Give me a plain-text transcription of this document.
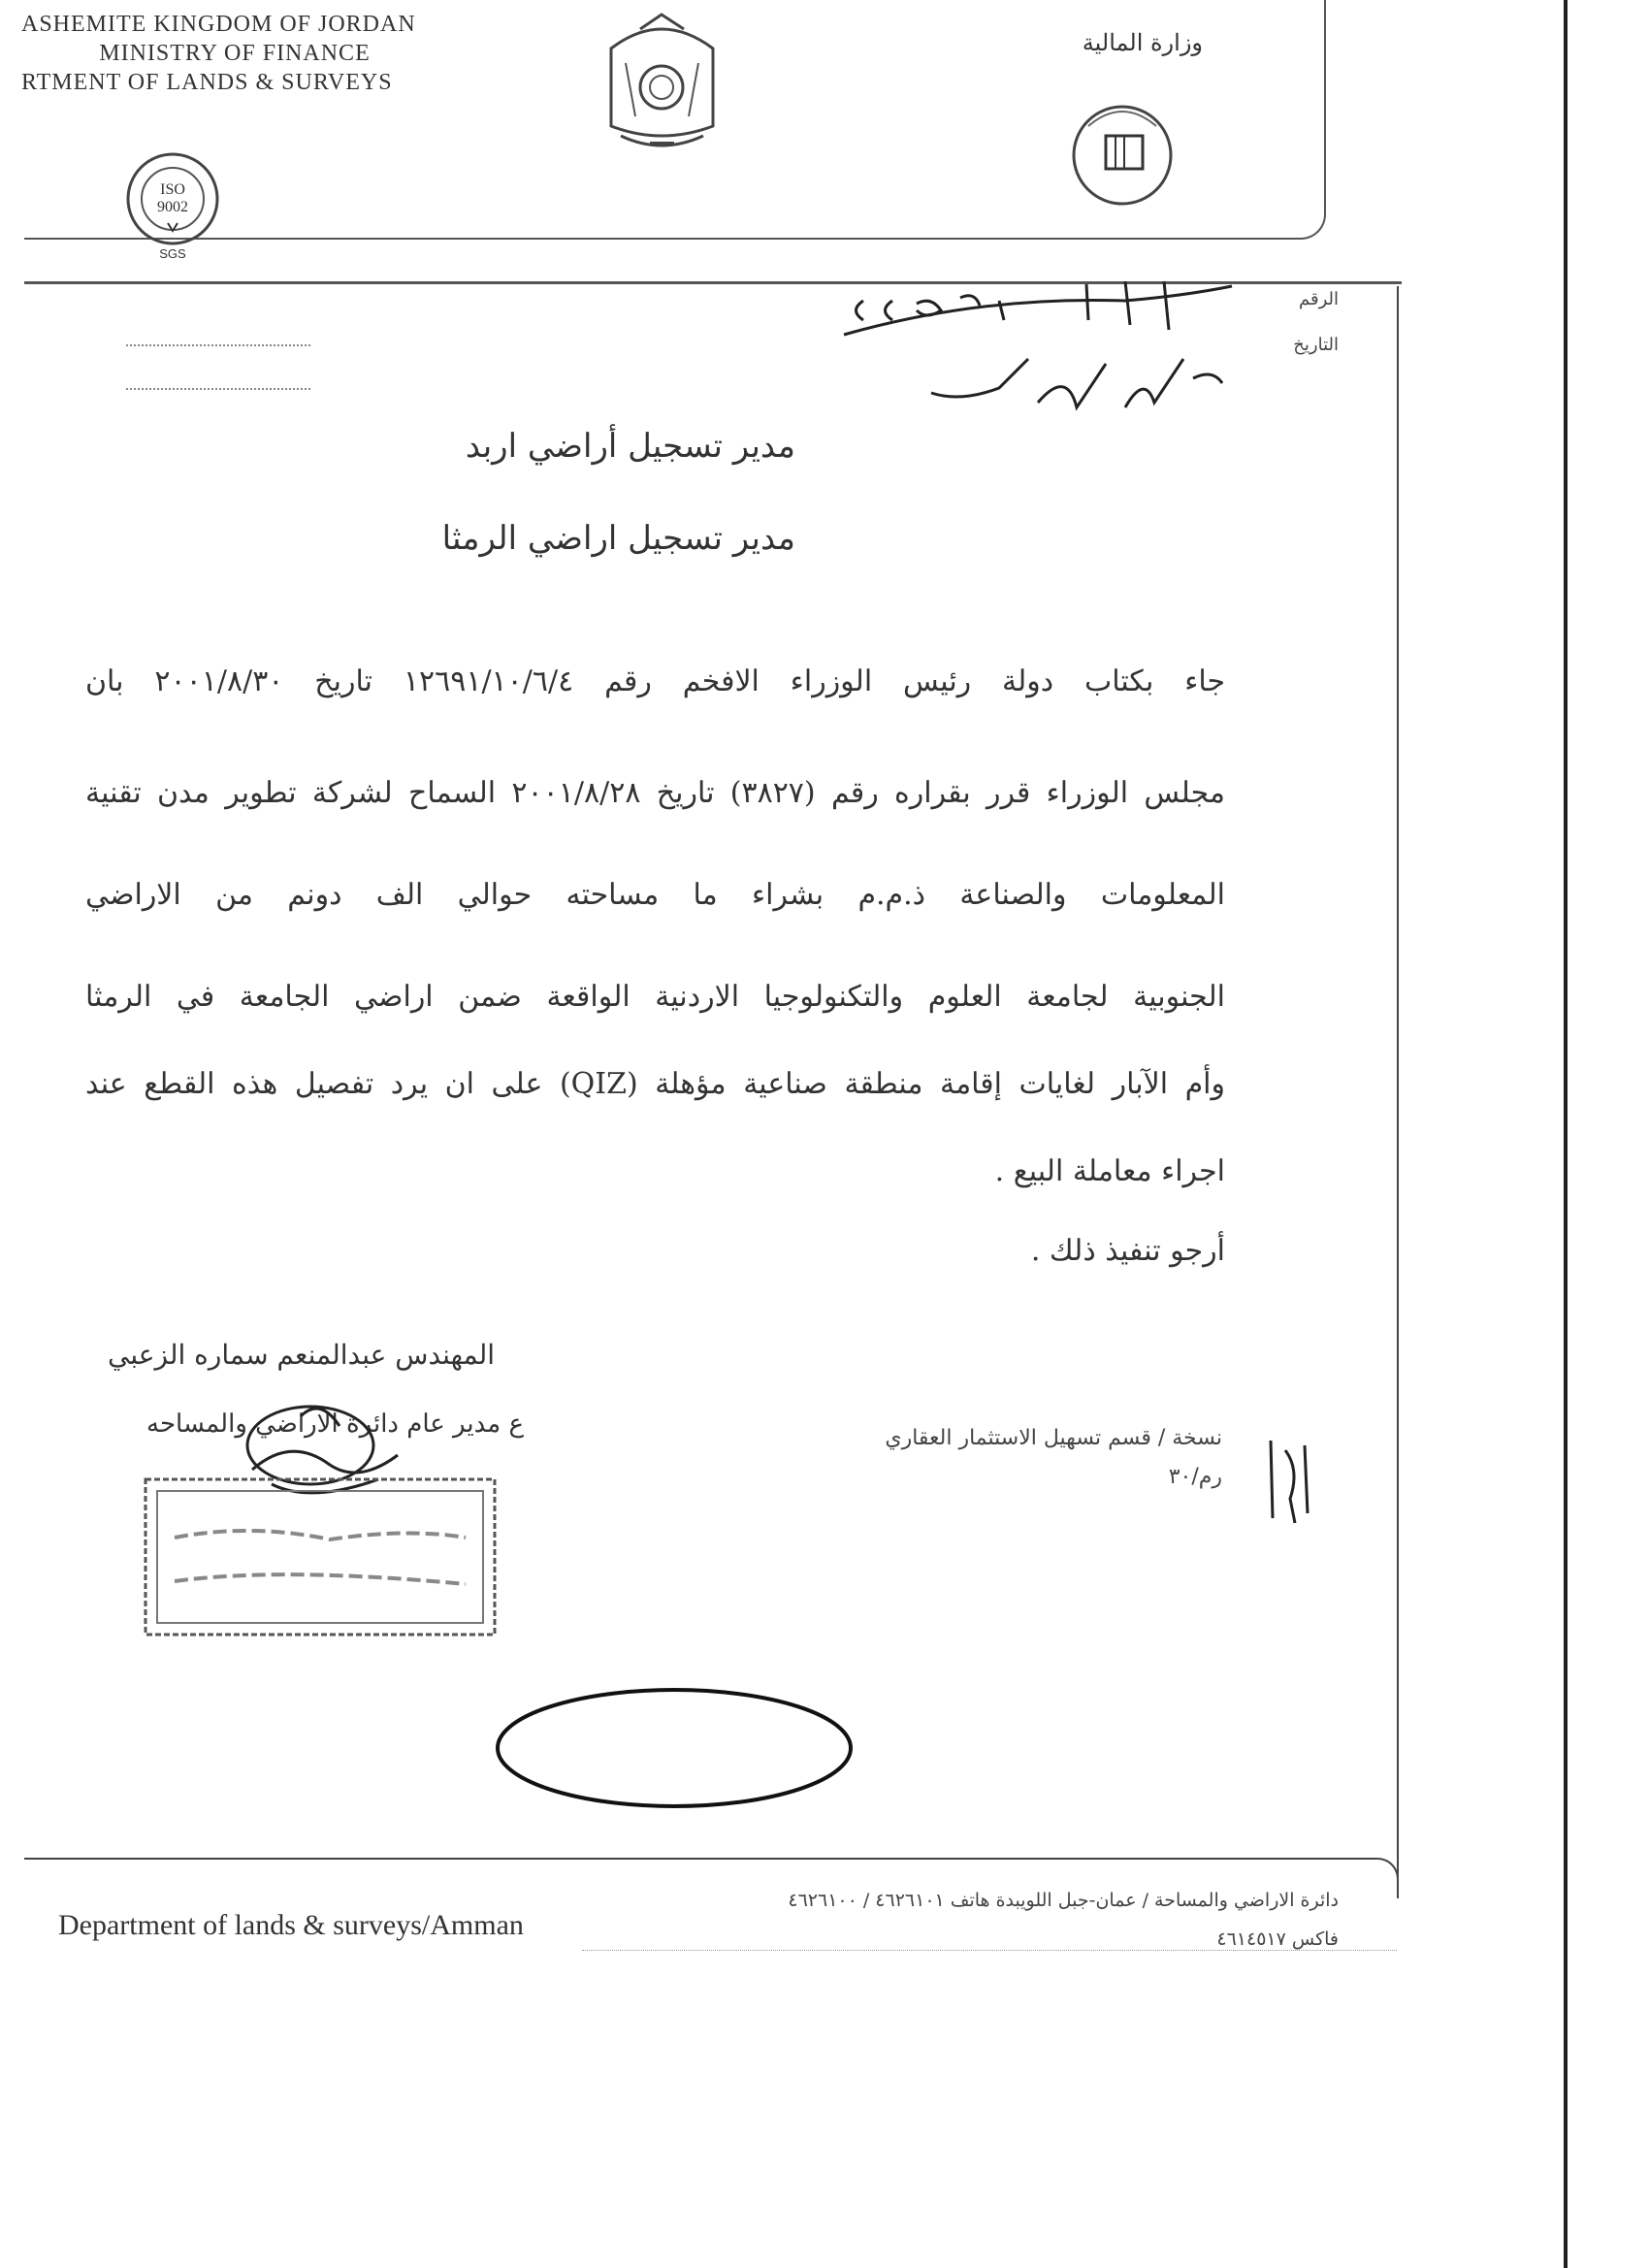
ASHEMITE KINGDOM OF JORDAN
MINISTRY OF FINANCE
RTMENT OF LANDS & SURVEYS
وزارة المالية
ISO
9002
SGS
الرقم
التاريخ
مدير تسجيل أراضي اربد
مدير تسجيل اراضي الرمثا
جاء بكتاب دولة رئيس الوزراء الافخم رقم ١٢٦٩١/١٠/٦/٤ تاريخ ٢٠٠١/٨/٣٠ بان
مجلس الوزراء قرر بقراره رقم (٣٨٢٧) تاريخ ٢٠٠١/٨/٢٨ السماح لشركة تطوير مدن تقنية
المعلومات والصناعة ذ.م.م بشراء ما مساحته حوالي الف دونم من الاراضي
الجنوبية لجامعة العلوم والتكنولوجيا الاردنية الواقعة ضمن اراضي الجامعة في الرمثا
وأم الآبار لغايات إقامة منطقة صناعية مؤهلة (QIZ) على ان يرد تفصيل هذه القطع عند
اجراء معاملة البيع .
أرجو تنفيذ ذلك .
المهندس عبدالمنعم سماره الزعبي
ع مدير عام دائرة الاراضي والمساحه	نسخة / قسم تسهيل الاستثمار العقاري
رم/٣٠
Department of lands & surveys/Amman
دائرة الاراضي والمساحة / عمان-جبل اللويبدة هاتف ٤٦٢٦١٠١ / ٤٦٢٦١٠٠
فاكس ٤٦١٤٥١٧
